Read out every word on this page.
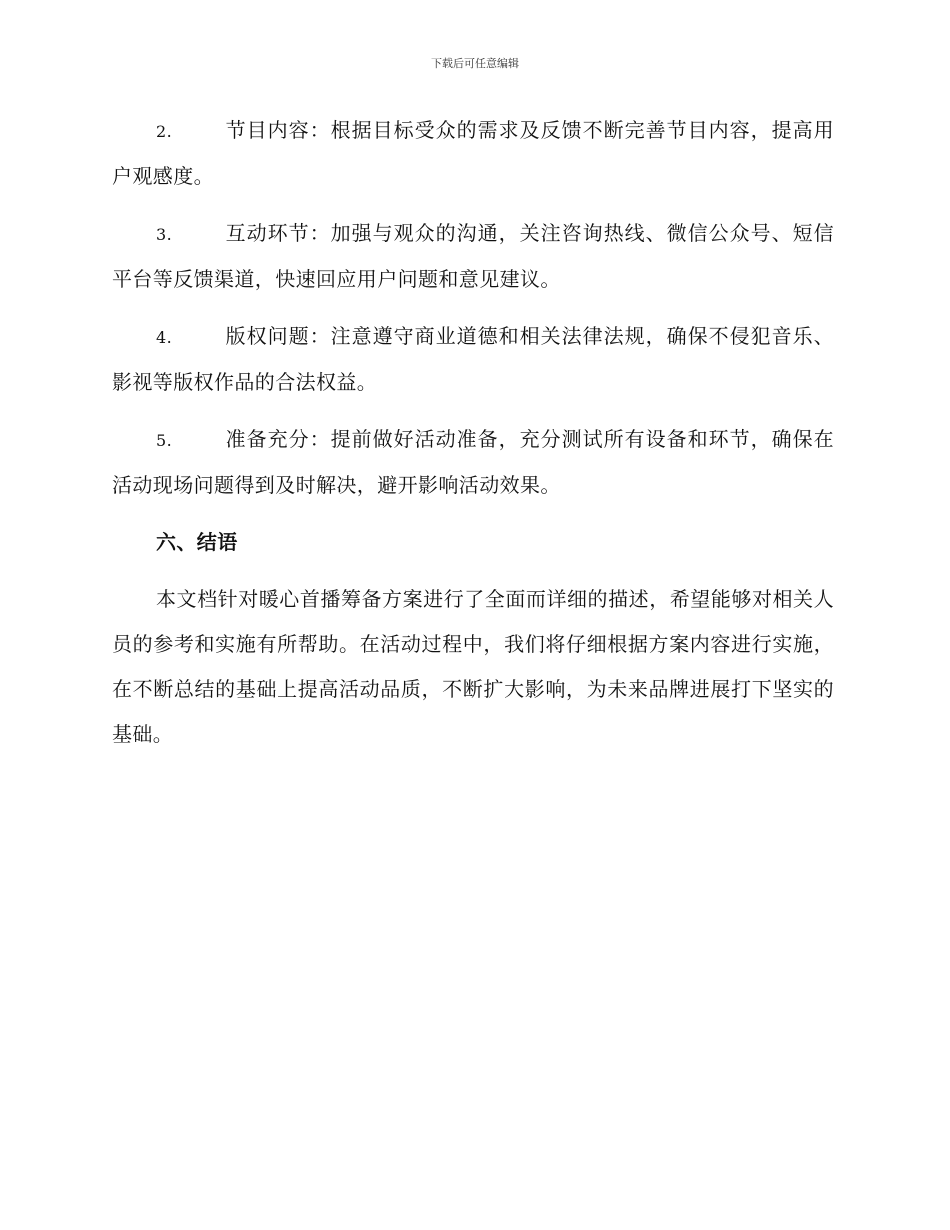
下载后可任意编辑

2.	节目内容：根据目标受众的需求及反馈不断完善节目内容，提高用户观感度。

3.	互动环节：加强与观众的沟通，关注咨询热线、微信公众号、短信平台等反馈渠道，快速回应用户问题和意见建议。

4.	版权问题：注意遵守商业道德和相关法律法规，确保不侵犯音乐、影视等版权作品的合法权益。

5.	准备充分：提前做好活动准备，充分测试所有设备和环节，确保在活动现场问题得到及时解决，避开影响活动效果。

六、结语

本文档针对暖心首播筹备方案进行了全面而详细的描述，希望能够对相关人员的参考和实施有所帮助。在活动过程中，我们将仔细根据方案内容进行实施，在不断总结的基础上提高活动品质，不断扩大影响，为未来品牌进展打下坚实的基础。
